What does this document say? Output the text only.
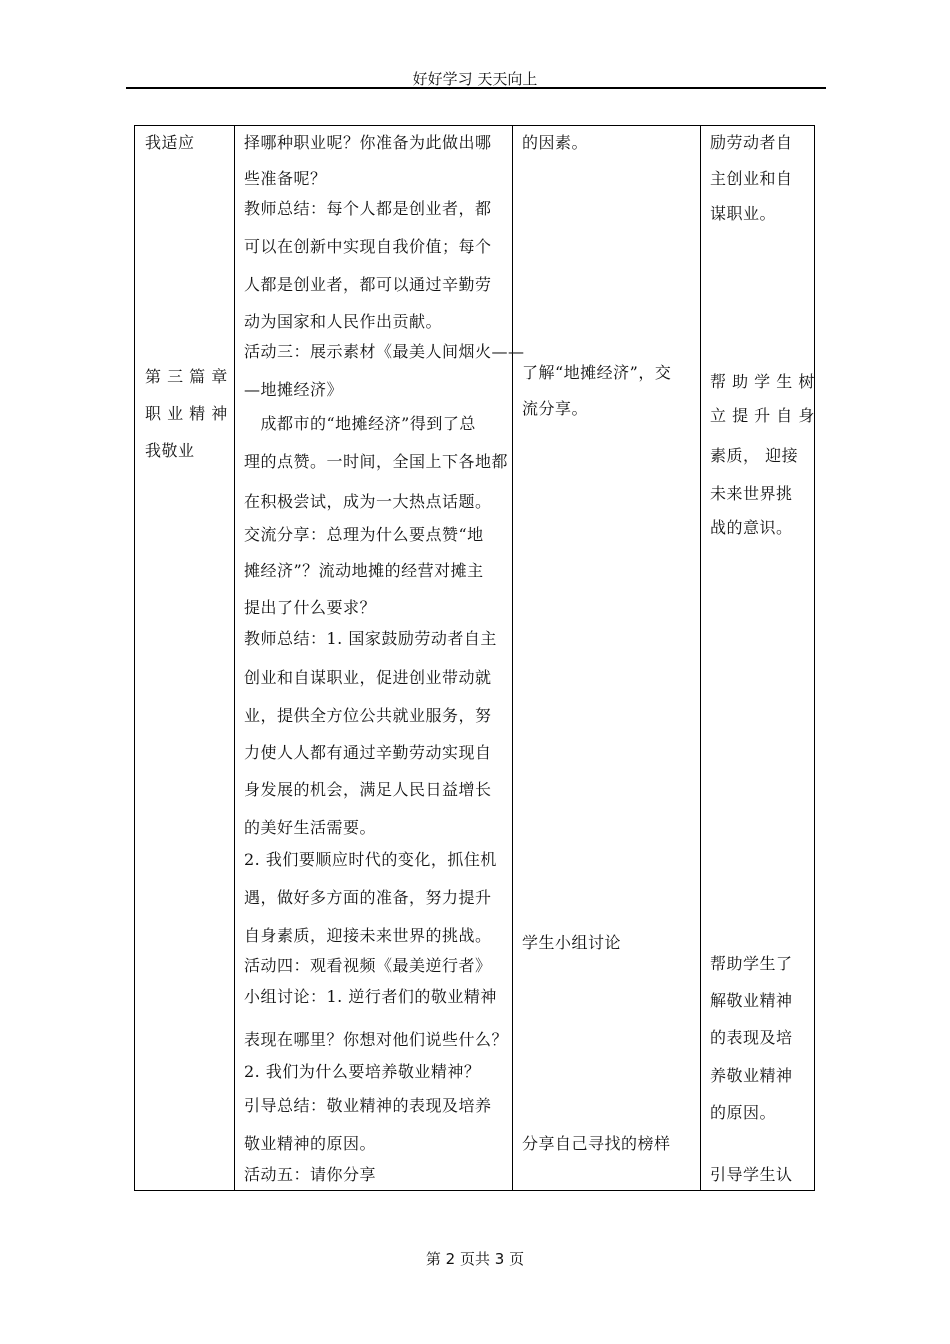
好好学习 天天向上
我适应
第 三 篇 章
职 业 精 神
我敬业
择哪种职业呢？你准备为此做出哪
些准备呢？
教师总结：每个人都是创业者，都
可以在创新中实现自我价值；每个
人都是创业者，都可以通过辛勤劳
动为国家和人民作出贡献。
活动三：展示素材《最美人间烟火——
—地摊经济》
　成都市的“地摊经济”得到了总
理的点赞。一时间，全国上下各地都
在积极尝试，成为一大热点话题。
交流分享：总理为什么要点赞“地
摊经济”？流动地摊的经营对摊主
提出了什么要求？
教师总结：1. 国家鼓励劳动者自主
创业和自谋职业，促进创业带动就
业，提供全方位公共就业服务，努
力使人人都有通过辛勤劳动实现自
身发展的机会，满足人民日益增长
的美好生活需要。
2. 我们要顺应时代的变化，抓住机
遇，做好多方面的准备，努力提升
自身素质，迎接未来世界的挑战。
活动四：观看视频《最美逆行者》
小组讨论：1. 逆行者们的敬业精神
表现在哪里？你想对他们说些什么？
2. 我们为什么要培养敬业精神？
引导总结：敬业精神的表现及培养
敬业精神的原因。
活动五：请你分享
的因素。
了解“地摊经济”，交
流分享。
学生小组讨论
分享自己寻找的榜样
励劳动者自
主创业和自
谋职业。
帮 助 学 生 树
立 提 升 自 身
素质， 迎接
未来世界挑
战的意识。
帮助学生了
解敬业精神
的表现及培
养敬业精神
的原因。
引导学生认
第 2 页共 3 页
